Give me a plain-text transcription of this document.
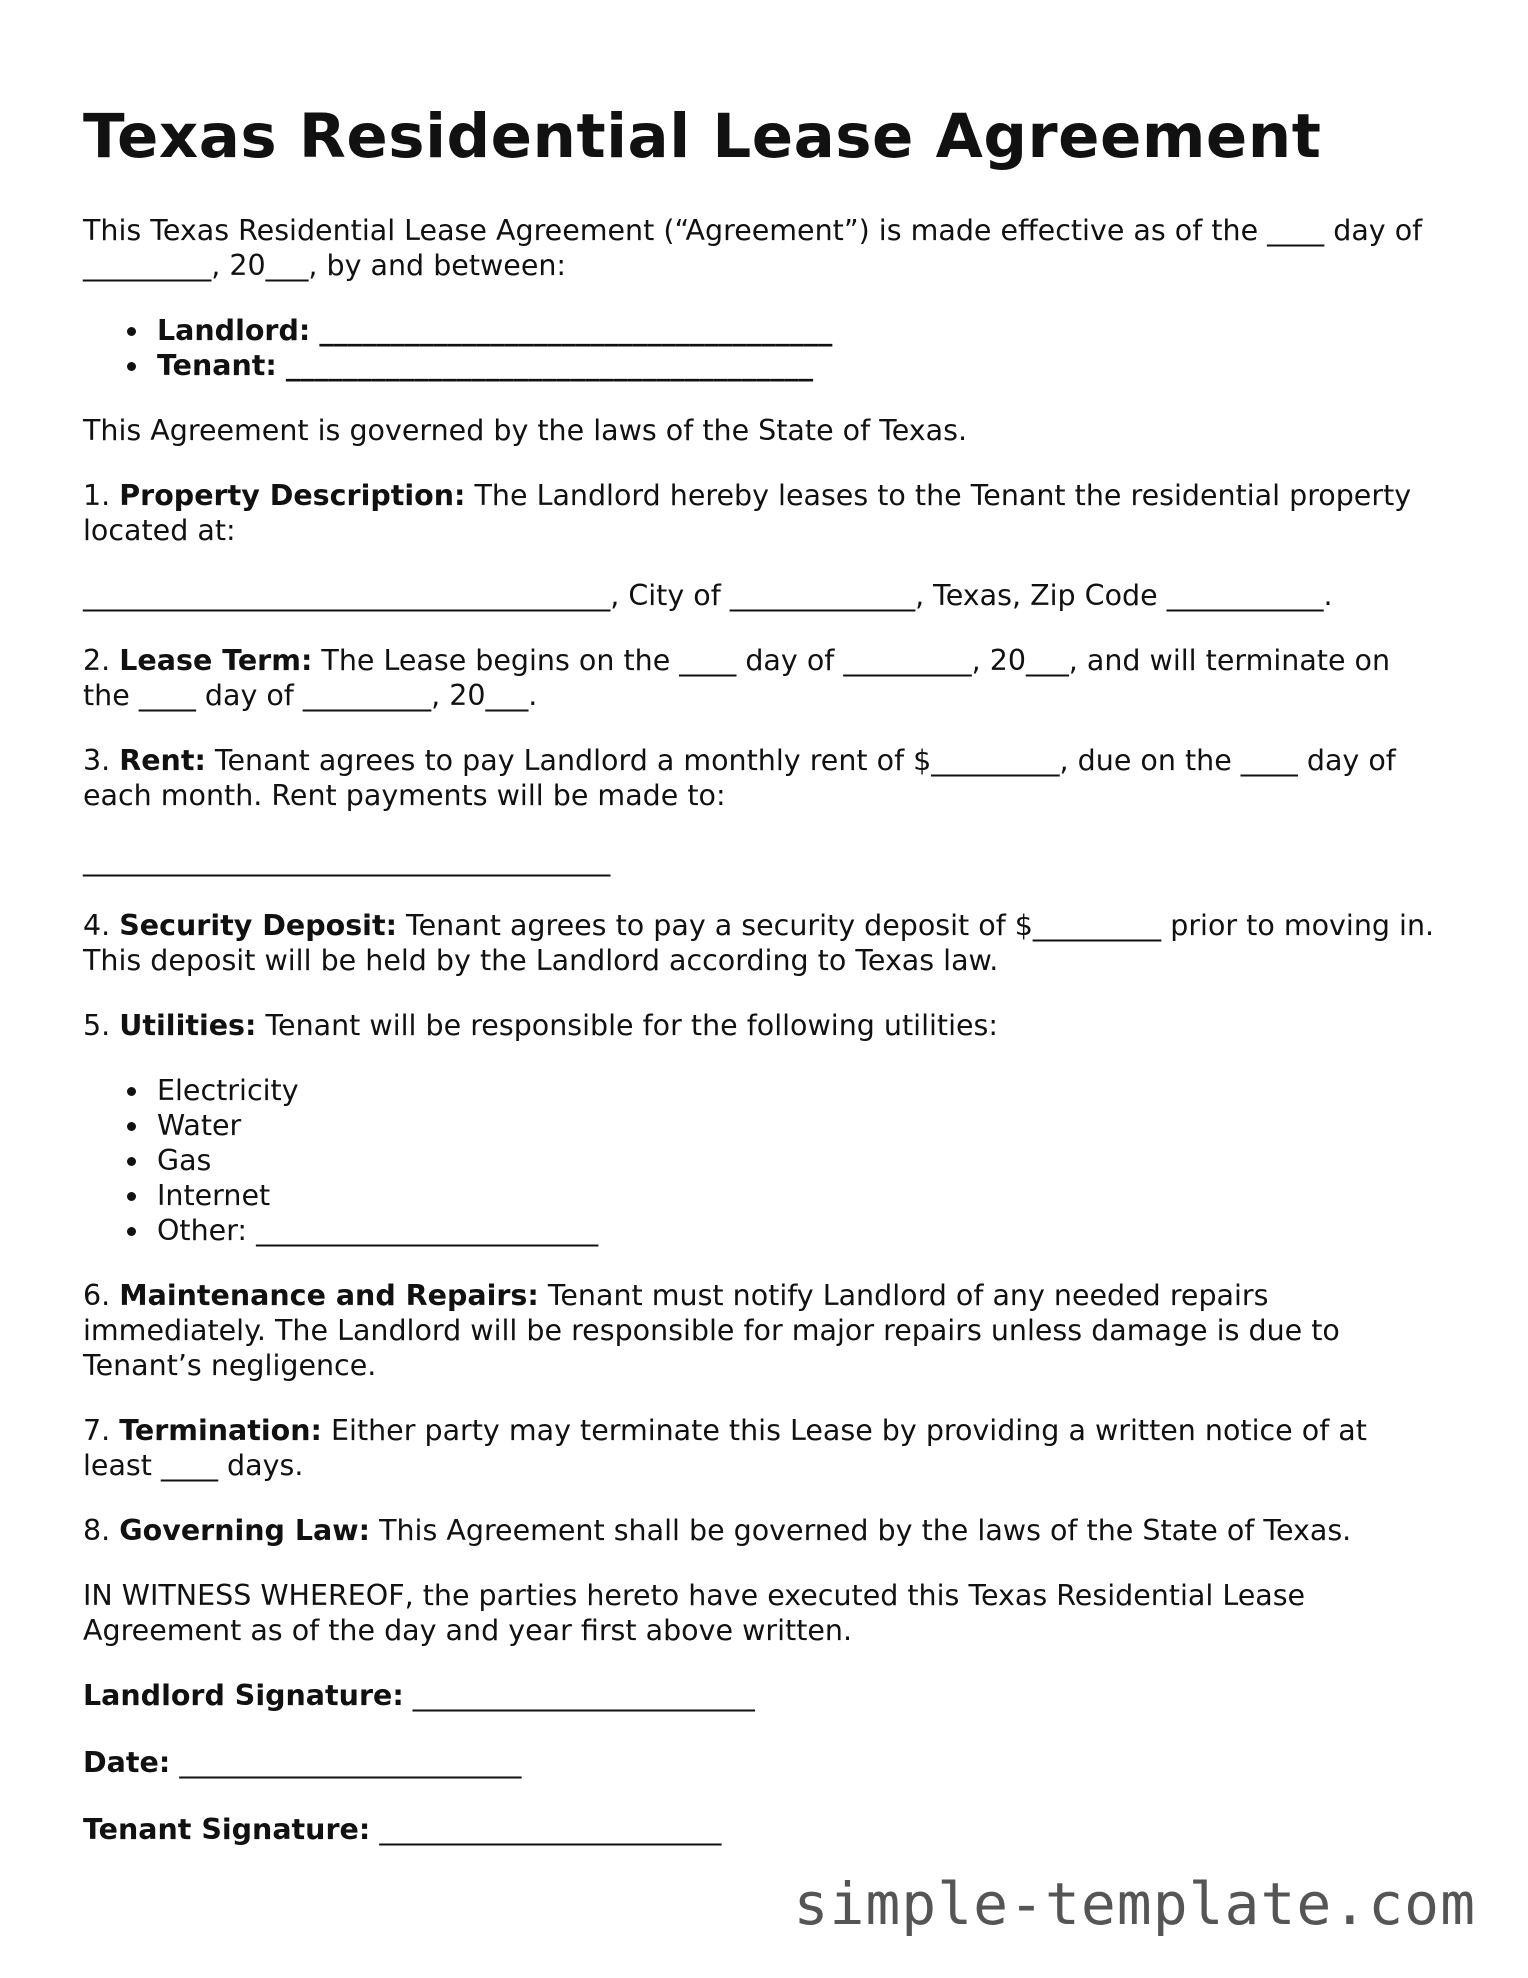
Texas Residential Lease Agreement

This Texas Residential Lease Agreement (“Agreement”) is made effective as of the ____ day of _________, 20___, by and between:

Landlord: ____________________________________
Tenant: _____________________________________

This Agreement is governed by the laws of the State of Texas.

1. Property Description: The Landlord hereby leases to the Tenant the residential property located at:

_____________________________________, City of _____________, Texas, Zip Code ___________.

2. Lease Term: The Lease begins on the ____ day of _________, 20___, and will terminate on the ____ day of _________, 20___.

3. Rent: Tenant agrees to pay Landlord a monthly rent of $_________, due on the ____ day of each month. Rent payments will be made to:

_____________________________________

4. Security Deposit: Tenant agrees to pay a security deposit of $_________ prior to moving in. This deposit will be held by the Landlord according to Texas law.

5. Utilities: Tenant will be responsible for the following utilities:

Electricity
Water
Gas
Internet
Other: ________________________

6. Maintenance and Repairs: Tenant must notify Landlord of any needed repairs immediately. The Landlord will be responsible for major repairs unless damage is due to Tenant’s negligence.

7. Termination: Either party may terminate this Lease by providing a written notice of at least ____ days.

8. Governing Law: This Agreement shall be governed by the laws of the State of Texas.

IN WITNESS WHEREOF, the parties hereto have executed this Texas Residential Lease Agreement as of the day and year first above written.

Landlord Signature: ________________________

Date: ________________________

Tenant Signature: ________________________

simple-template.com
